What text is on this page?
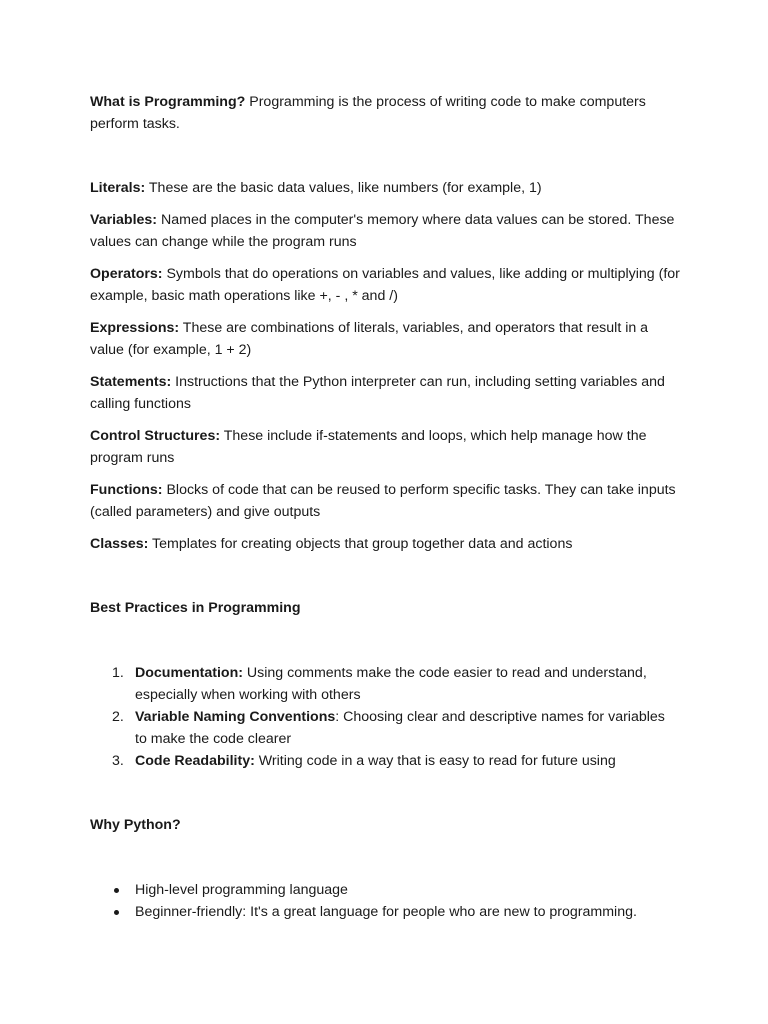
What is Programming? Programming is the process of writing code to make computers perform tasks.

Literals: These are the basic data values, like numbers (for example, 1)

Variables: Named places in the computer's memory where data values can be stored. These values can change while the program runs

Operators: Symbols that do operations on variables and values, like adding or multiplying (for example, basic math operations like +, - , * and /)

Expressions: These are combinations of literals, variables, and operators that result in a value (for example, 1 + 2)

Statements: Instructions that the Python interpreter can run, including setting variables and calling functions

Control Structures: These include if-statements and loops, which help manage how the program runs

Functions: Blocks of code that can be reused to perform specific tasks. They can take inputs (called parameters) and give outputs

Classes: Templates for creating objects that group together data and actions

Best Practices in Programming

1. Documentation: Using comments make the code easier to read and understand, especially when working with others
2. Variable Naming Conventions: Choosing clear and descriptive names for variables to make the code clearer
3. Code Readability: Writing code in a way that is easy to read for future using

Why Python?

High-level programming language
Beginner-friendly: It's a great language for people who are new to programming.
